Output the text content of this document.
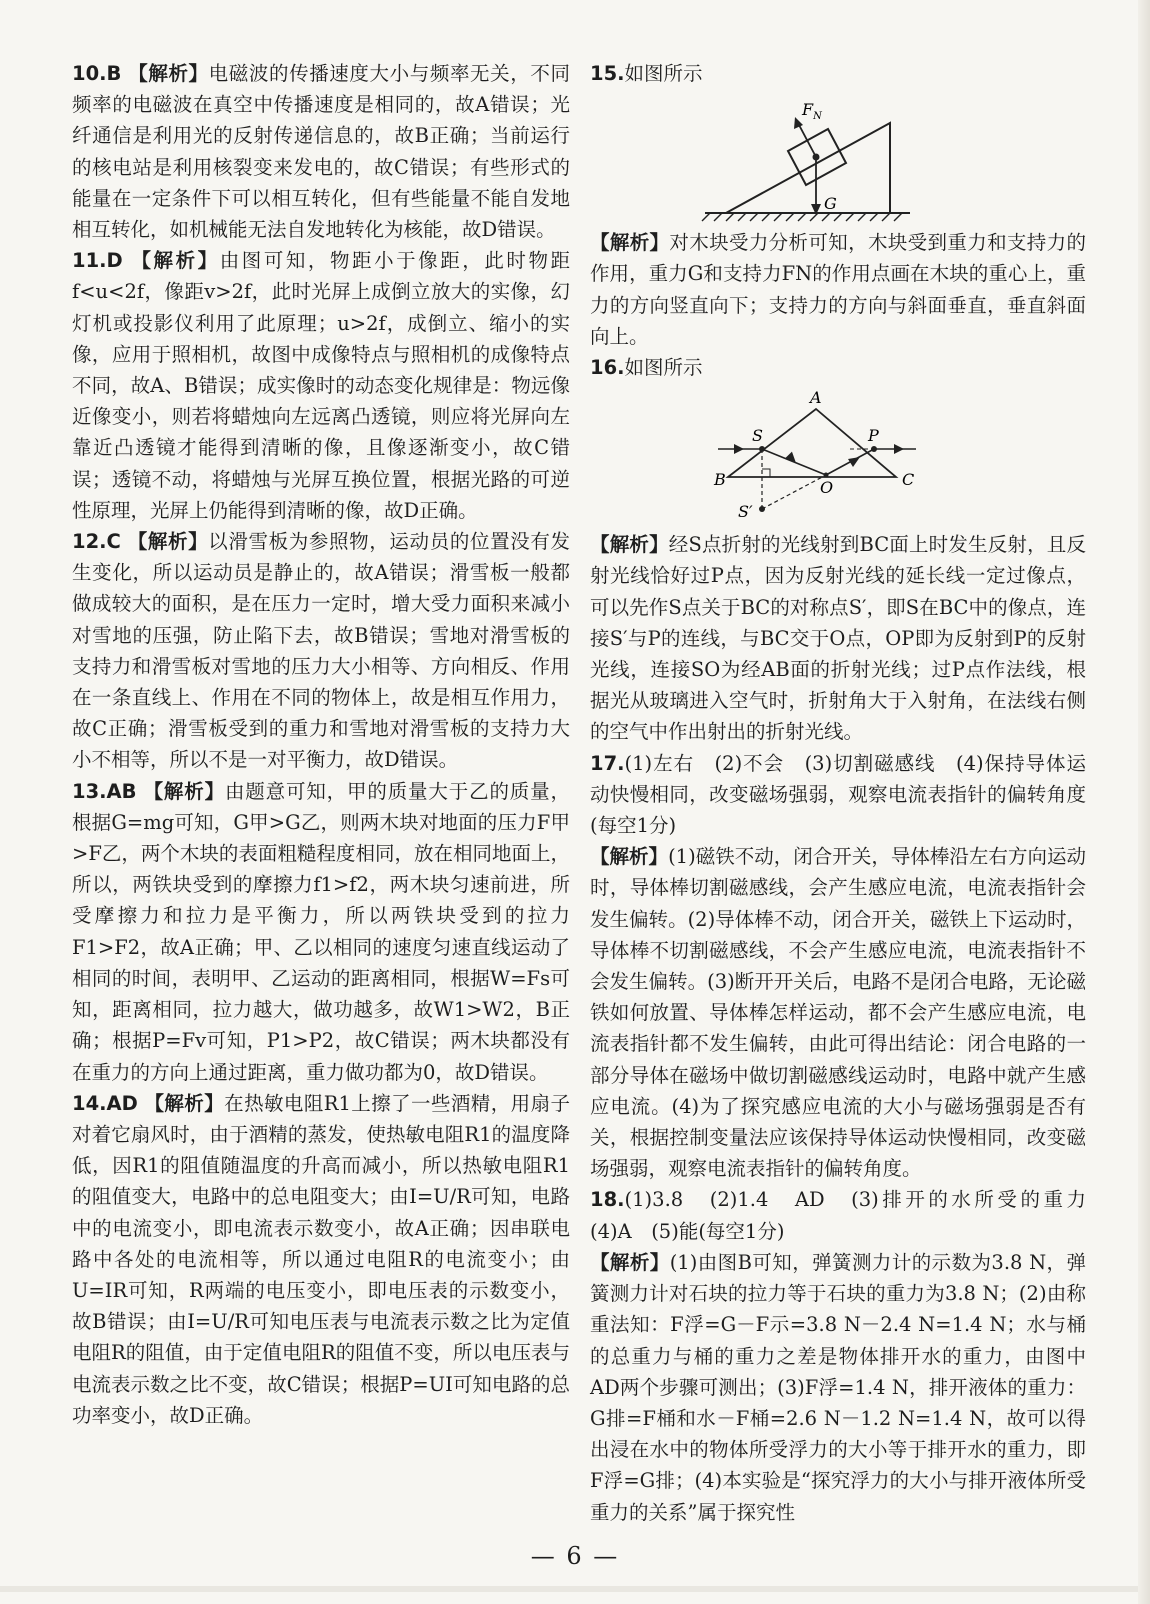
10.B 【解析】电磁波的传播速度大小与频率无关，不同频率的电磁波在真空中传播速度是相同的，故A错误；光纤通信是利用光的反射传递信息的，故B正确；当前运行的核电站是利用核裂变来发电的，故C错误；有些形式的能量在一定条件下可以相互转化，但有些能量不能自发地相互转化，如机械能无法自发地转化为核能，故D错误。

11.D 【解析】由图可知，物距小于像距，此时物距f<u<2f，像距v>2f，此时光屏上成倒立放大的实像，幻灯机或投影仪利用了此原理；u>2f，成倒立、缩小的实像，应用于照相机，故图中成像特点与照相机的成像特点不同，故A、B错误；成实像时的动态变化规律是：物远像近像变小，则若将蜡烛向左远离凸透镜，则应将光屏向左靠近凸透镜才能得到清晰的像，且像逐渐变小，故C错误；透镜不动，将蜡烛与光屏互换位置，根据光路的可逆性原理，光屏上仍能得到清晰的像，故D正确。

12.C 【解析】以滑雪板为参照物，运动员的位置没有发生变化，所以运动员是静止的，故A错误；滑雪板一般都做成较大的面积，是在压力一定时，增大受力面积来减小对雪地的压强，防止陷下去，故B错误；雪地对滑雪板的支持力和滑雪板对雪地的压力大小相等、方向相反、作用在一条直线上、作用在不同的物体上，故是相互作用力，故C正确；滑雪板受到的重力和雪地对滑雪板的支持力大小不相等，所以不是一对平衡力，故D错误。

13.AB 【解析】由题意可知，甲的质量大于乙的质量，根据G=mg可知，G甲>G乙，则两木块对地面的压力F甲>F乙，两个木块的表面粗糙程度相同，放在相同地面上，所以，两铁块受到的摩擦力f1>f2，两木块匀速前进，所受摩擦力和拉力是平衡力，所以两铁块受到的拉力F1>F2，故A正确；甲、乙以相同的速度匀速直线运动了相同的时间，表明甲、乙运动的距离相同，根据W=Fs可知，距离相同，拉力越大，做功越多，故W1>W2，B正确；根据P=Fv可知，P1>P2，故C错误；两木块都没有在重力的方向上通过距离，重力做功都为0，故D错误。

14.AD 【解析】在热敏电阻R1上擦了一些酒精，用扇子对着它扇风时，由于酒精的蒸发，使热敏电阻R1的温度降低，因R1的阻值随温度的升高而减小，所以热敏电阻R1的阻值变大，电路中的总电阻变大；由I=U/R可知，电路中的电流变小，即电流表示数变小，故A正确；因串联电路中各处的电流相等，所以通过电阻R的电流变小；由U=IR可知，R两端的电压变小，即电压表的示数变小，故B错误；由I=U/R可知电压表与电流表示数之比为定值电阻R的阻值，由于定值电阻R的阻值不变，所以电压表与电流表示数之比不变，故C错误；根据P=UI可知电路的总功率变小，故D正确。

15.如图所示

$F_N$
G

【解析】对木块受力分析可知，木块受到重力和支持力的作用，重力G和支持力FN的作用点画在木块的重心上，重力的方向竖直向下；支持力的方向与斜面垂直，垂直斜面向上。

16.如图所示

A
B	C
S	P
O
S′

【解析】经S点折射的光线射到BC面上时发生反射，且反射光线恰好过P点，因为反射光线的延长线一定过像点，可以先作S点关于BC的对称点S′，即S在BC中的像点，连接S′与P的连线，与BC交于O点，OP即为反射到P的反射光线，连接SO为经AB面的折射光线；过P点作法线，根据光从玻璃进入空气时，折射角大于入射角，在法线右侧的空气中作出射出的折射光线。

17.(1)左右　(2)不会　(3)切割磁感线　(4)保持导体运动快慢相同，改变磁场强弱，观察电流表指针的偏转角度(每空1分)

【解析】(1)磁铁不动，闭合开关，导体棒沿左右方向运动时，导体棒切割磁感线，会产生感应电流，电流表指针会发生偏转。(2)导体棒不动，闭合开关，磁铁上下运动时，导体棒不切割磁感线，不会产生感应电流，电流表指针不会发生偏转。(3)断开开关后，电路不是闭合电路，无论磁铁如何放置、导体棒怎样运动，都不会产生感应电流，电流表指针都不发生偏转，由此可得出结论：闭合电路的一部分导体在磁场中做切割磁感线运动时，电路中就产生感应电流。(4)为了探究感应电流的大小与磁场强弱是否有关，根据控制变量法应该保持导体运动快慢相同，改变磁场强弱，观察电流表指针的偏转角度。

18.(1)3.8　(2)1.4　AD　(3)排开的水所受的重力　(4)A　(5)能(每空1分)

【解析】(1)由图B可知，弹簧测力计的示数为3.8 N，弹簧测力计对石块的拉力等于石块的重力为3.8 N；(2)由称重法知：F浮=G－F示=3.8 N－2.4 N=1.4 N；水与桶的总重力与桶的重力之差是物体排开水的重力，由图中AD两个步骤可测出；(3)F浮=1.4 N，排开液体的重力：G排=F桶和水－F桶=2.6 N－1.2 N=1.4 N，故可以得出浸在水中的物体所受浮力的大小等于排开水的重力，即F浮=G排；(4)本实验是“探究浮力的大小与排开液体所受重力的关系”属于探究性

— 6 —
